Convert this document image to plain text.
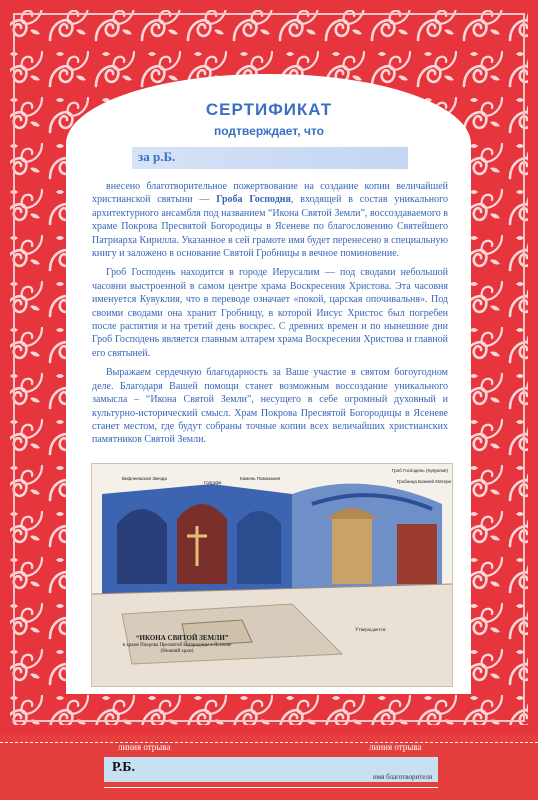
СЕРТИФИКАТ
подтверждает, что
за р.Б.

внесено благотворительное пожертвование на создание копии величайшей христианской святыни — Гроба Господня, входящей в состав уникального архитектурного ансамбля под названием “Икона Святой Земли”, воссоздаваемого в храме Покрова Пресвятой Богородицы в Ясеневе по благословению Святейшего Патриарха Кирилла. Указанное в сей грамоте имя будет перенесено в специальную книгу и заложено в основание Святой Гробницы в вечное поминовение.

Гроб Господень находится в городе Иерусалим — под сводами небольшой часовни выстроенной в самом центре храма Воскресения Христова. Эта часовня именуется Кувуклия, что в переводе означает «покой, царская опочивальня». Под своими сводами она хранит Гробницу, в которой Иисус Христос был погребен после распятия и на третий день воскрес. С древних времен и по нынешние дни Гроб Господень является главным алтарем храма Воскресения Христова и главной его святыней.

Выражаем сердечную благодарность за Ваше участие в святом богоугодном деле. Благодаря Вашей помощи станет возможным воссоздание уникального замысла – “Икона Святой Земли”, несущего в себе огромный духовный и культурно-исторический смысл. Храм Покрова Пресвятой Богородицы в Ясеневе станет местом, где будут собраны точные копии всех величайших христианских памятников Святой Земли.

Вифлеемская Звезда
Голгофа
Камень Помазания
Гроб Господень (Кувуклия)
Гробница Божией Матери
“ИКОНА СВЯТОЙ ЗЕМЛИ”
в храме Покрова Пресвятой Богородицы в Ясеневе
(Нижний храм)
Утверждается:
линия отрыва	линия отрыва
Р.Б.
имя благотворителя
